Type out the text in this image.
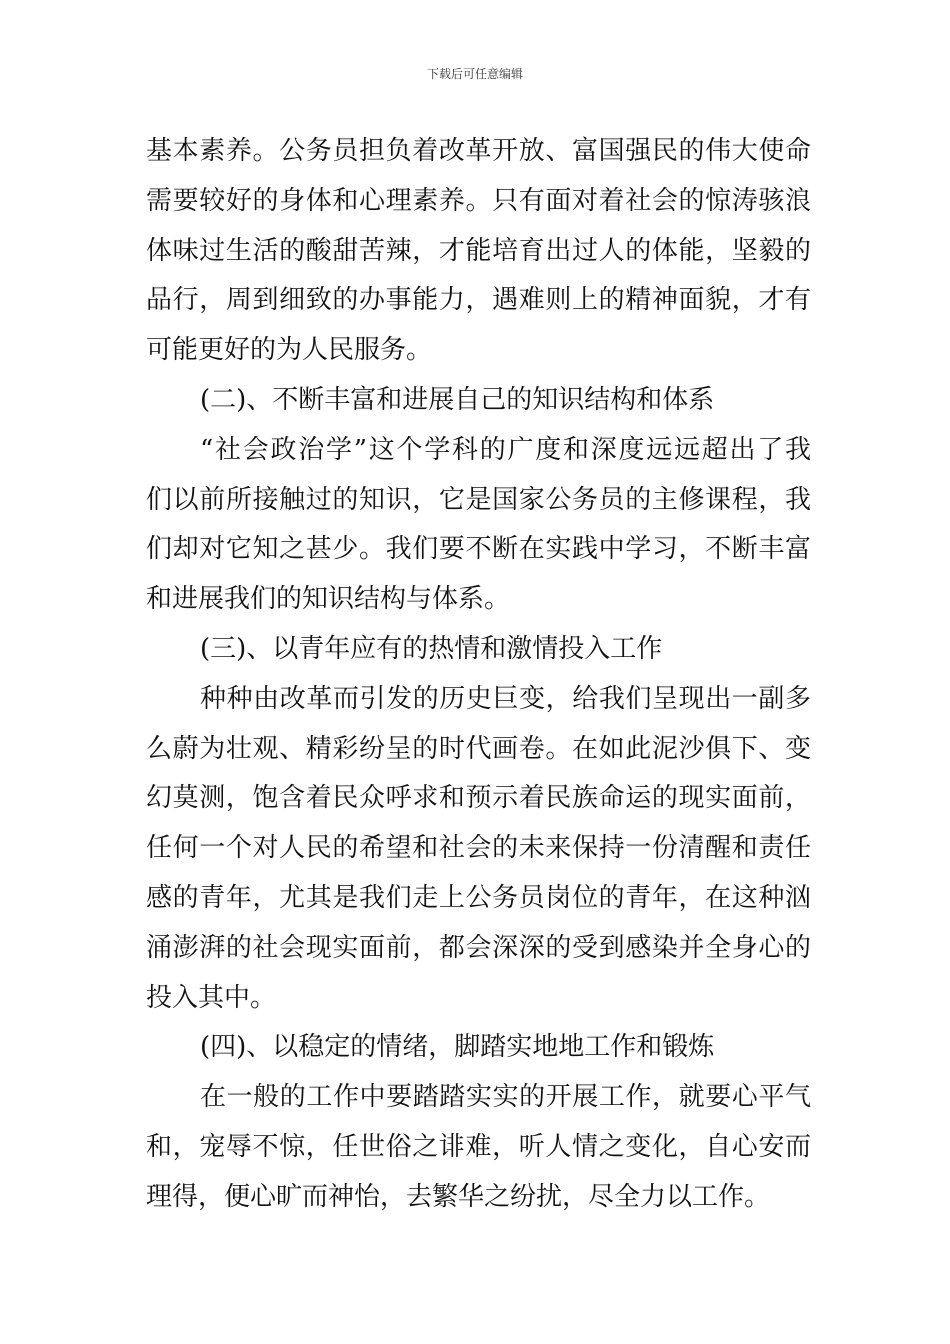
下载后可任意编辑
基本素养。公务员担负着改革开放、富国强民的伟大使命
需要较好的身体和心理素养。只有面对着社会的惊涛骇浪
体味过生活的酸甜苦辣，才能培育出过人的体能，坚毅的
品行，周到细致的办事能力，遇难则上的精神面貌，才有
可能更好的为人民服务。
(二)、不断丰富和进展自己的知识结构和体系
“社会政治学”这个学科的广度和深度远远超出了我
们以前所接触过的知识，它是国家公务员的主修课程，我
们却对它知之甚少。我们要不断在实践中学习，不断丰富
和进展我们的知识结构与体系。
(三)、以青年应有的热情和激情投入工作
种种由改革而引发的历史巨变，给我们呈现出一副多
么蔚为壮观、精彩纷呈的时代画卷。在如此泥沙俱下、变
幻莫测，饱含着民众呼求和预示着民族命运的现实面前，
任何一个对人民的希望和社会的未来保持一份清醒和责任
感的青年，尤其是我们走上公务员岗位的青年，在这种汹
涌澎湃的社会现实面前，都会深深的受到感染并全身心的
投入其中。
(四)、以稳定的情绪，脚踏实地地工作和锻炼
在一般的工作中要踏踏实实的开展工作，就要心平气
和，宠辱不惊，任世俗之诽难，听人情之变化，自心安而
理得，便心旷而神怡，去繁华之纷扰，尽全力以工作。
